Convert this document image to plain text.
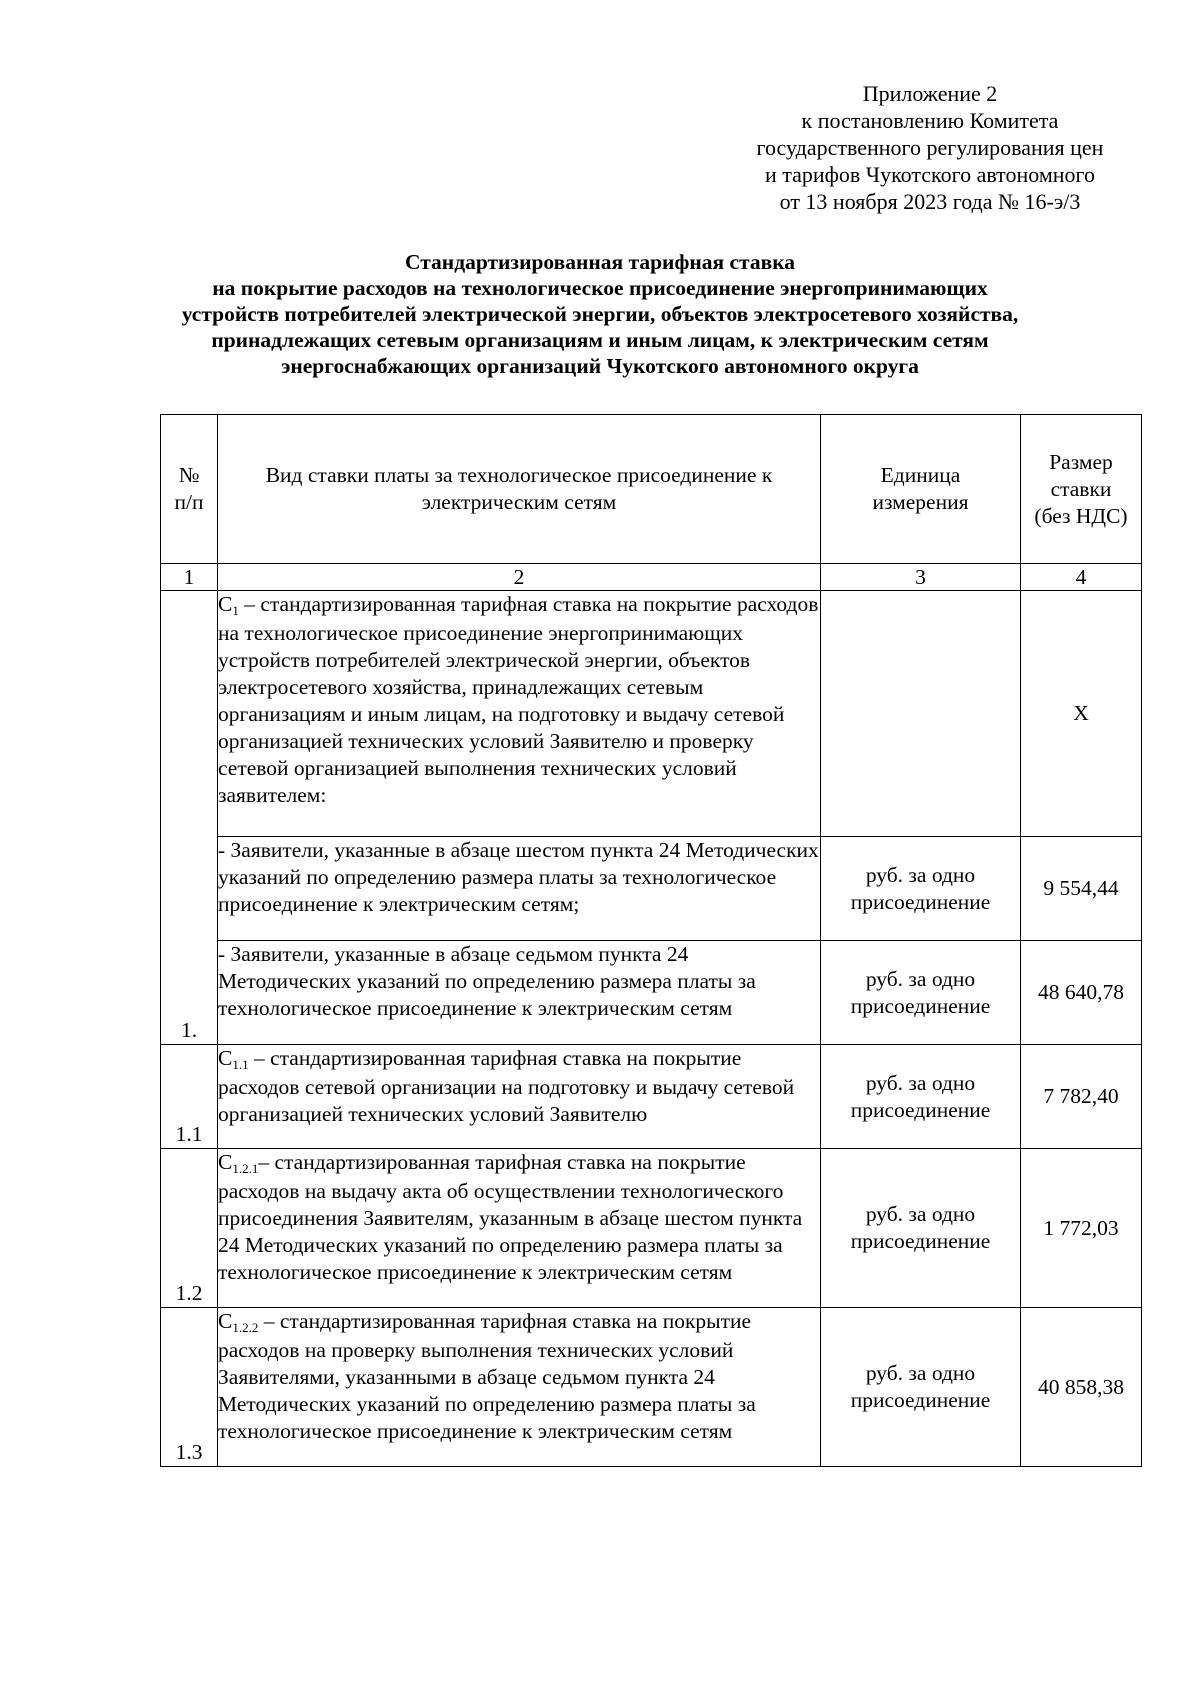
Приложение 2
к постановлению Комитета
государственного регулирования цен
и тарифов Чукотского автономного
от 13 ноября 2023 года № 16-э/3
Стандартизированная тарифная ставка
на покрытие расходов на технологическое присоединение энергопринимающих
устройств потребителей электрической энергии, объектов электросетевого хозяйства,
принадлежащих сетевым организациям и иным лицам, к электрическим сетям
энергоснабжающих организаций Чукотского автономного округа
№ п/п	Вид ставки платы за технологическое присоединение к электрическим сетям	Единица измерения	Размер ставки (без НДС)
1	2	3	4
1.	С1 – стандартизированная тарифная ставка на покрытие расходов на технологическое присоединение энергопринимающих устройств потребителей электрической энергии, объектов электросетевого хозяйства, принадлежащих сетевым организациям и иным лицам, на подготовку и выдачу сетевой организацией технических условий Заявителю и проверку сетевой организацией выполнения технических условий заявителем:		Х
	- Заявители, указанные в абзаце шестом пункта 24 Методических указаний по определению размера платы за технологическое присоединение к электрическим сетям;	руб. за одно присоединение	9 554,44
	- Заявители, указанные в абзаце седьмом пункта 24 Методических указаний по определению размера платы за технологическое присоединение к электрическим сетям	руб. за одно присоединение	48 640,78
1.1	С1.1 – стандартизированная тарифная ставка на покрытие расходов сетевой организации на подготовку и выдачу сетевой организацией технических условий Заявителю	руб. за одно присоединение	7 782,40
1.2	С1.2.1– стандартизированная тарифная ставка на покрытие расходов на выдачу акта об осуществлении технологического присоединения Заявителям, указанным в абзаце шестом пункта 24 Методических указаний по определению размера платы за технологическое присоединение к электрическим сетям	руб. за одно присоединение	1 772,03
1.3	С1.2.2 – стандартизированная тарифная ставка на покрытие расходов на проверку выполнения технических условий Заявителями, указанными в абзаце седьмом пункта 24 Методических указаний по определению размера платы за технологическое присоединение к электрическим сетям	руб. за одно присоединение	40 858,38
